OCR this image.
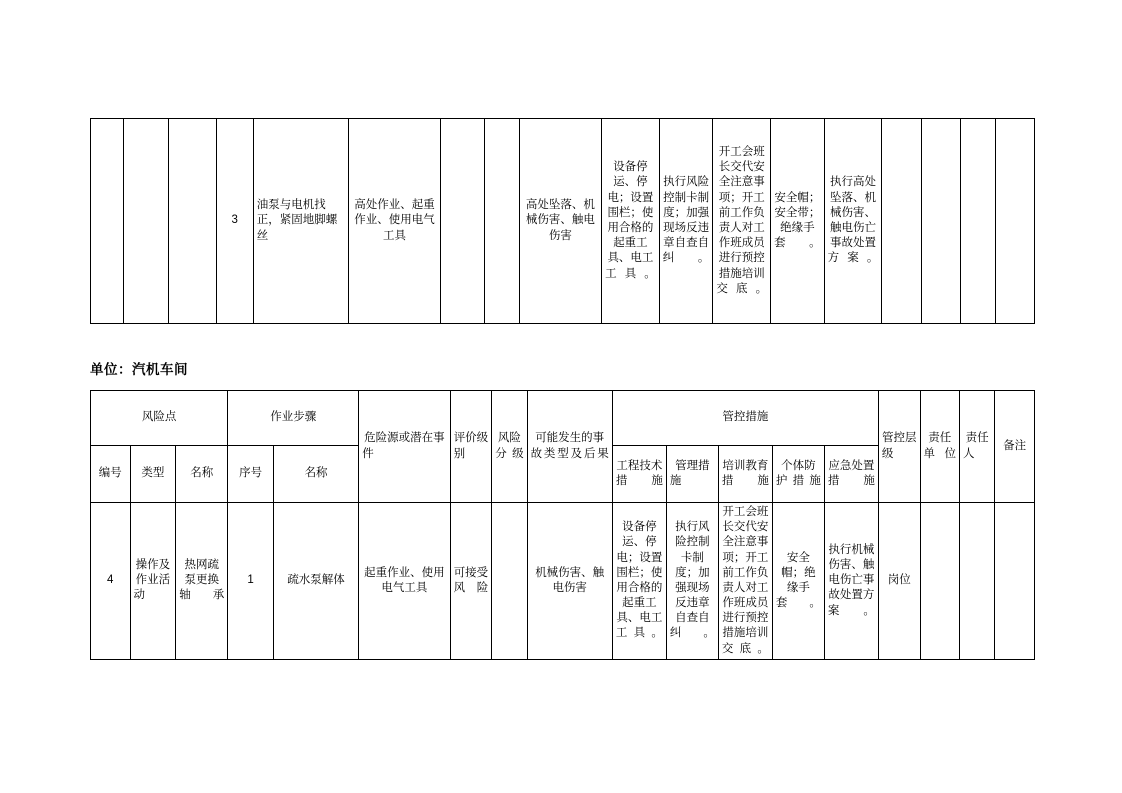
			3	油泵与电机找正，紧固地脚螺丝	高处作业、起重作业、使用电气工具			高处坠落、机械伤害、触电伤害	设备停运、停电；设置围栏；使用合格的起重工具、电工工具。	执行风险控制卡制度；加强现场反违章自查自纠。	开工会班长交代安全注意事项；开工前工作负责人对工作班成员进行预控措施培训交底。	安全帽；安全带；绝缘手套。	执行高处坠落、机械伤害、触电伤亡事故处置方案。				
单位：汽机车间
风险点			作业步骤		危险源或潜在事件	评价级别	风险分级	可能发生的事故类型及后果	管控措施					管控层级	责任单位	责任人	备注
编号	类型	名称	序号	名称					工程技术措施	管理措施	培训教育措施	个体防护措施	应急处置措施				
4	操作及作业活动	热网疏泵更换轴承	1	疏水泵解体	起重作业、使用电气工具	可接受风险		机械伤害、触电伤害	设备停运、停电；设置围栏；使用合格的起重工具、电工工具。	执行风险控制卡制度；加强现场反违章自查自纠。	开工会班长交代安全注意事项；开工前工作负责人对工作班成员进行预控措施培训交底。	安全帽；绝缘手套。	执行机械伤害、触电伤亡事故处置方案。	岗位			
